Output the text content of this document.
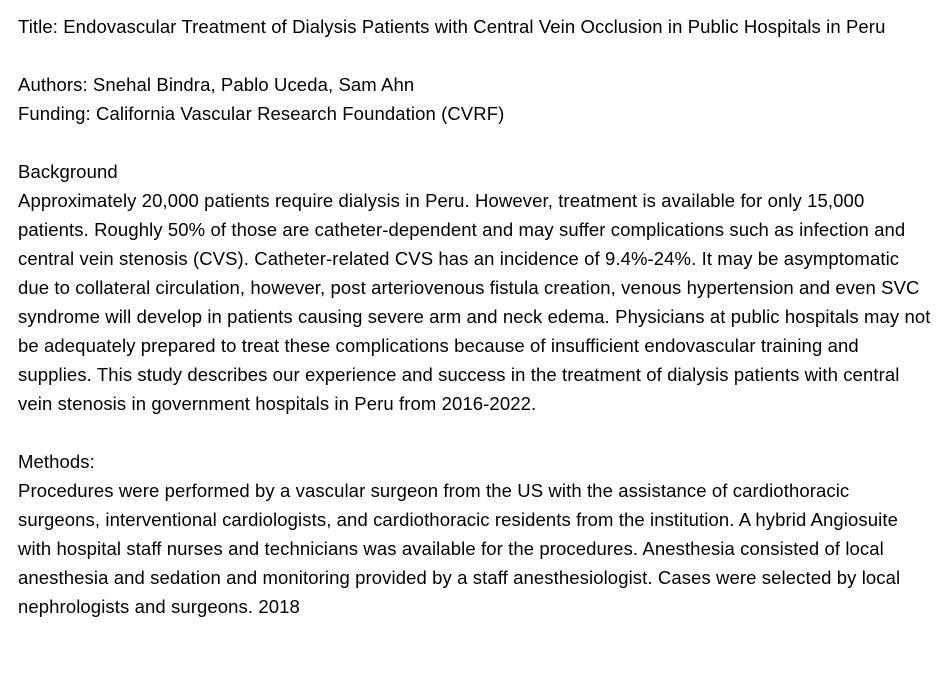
Title: Endovascular Treatment of Dialysis Patients with Central Vein Occlusion in Public Hospitals in Peru

Authors: Snehal Bindra, Pablo Uceda, Sam Ahn

Funding: California Vascular Research Foundation (CVRF)

Background

Approximately 20,000 patients require dialysis in Peru. However, treatment is available for only 15,000 patients. Roughly 50% of those are catheter-dependent and may suffer complications such as infection and central vein stenosis (CVS). Catheter-related CVS has an incidence of 9.4%-24%. It may be asymptomatic due to collateral circulation, however, post arteriovenous fistula creation, venous hypertension and even SVC syndrome will develop in patients causing severe arm and neck edema. Physicians at public hospitals may not be adequately prepared to treat these complications because of insufficient endovascular training and supplies. This study describes our experience and success in the treatment of dialysis patients with central vein stenosis in government hospitals in Peru from 2016-2022.

Methods:

Procedures were performed by a vascular surgeon from the US with the assistance of cardiothoracic surgeons, interventional cardiologists, and cardiothoracic residents from the institution. A hybrid Angiosuite with hospital staff nurses and technicians was available for the procedures. Anesthesia consisted of local anesthesia and sedation and monitoring provided by a staff anesthesiologist. Cases were selected by local nephrologists and surgeons. 2018
